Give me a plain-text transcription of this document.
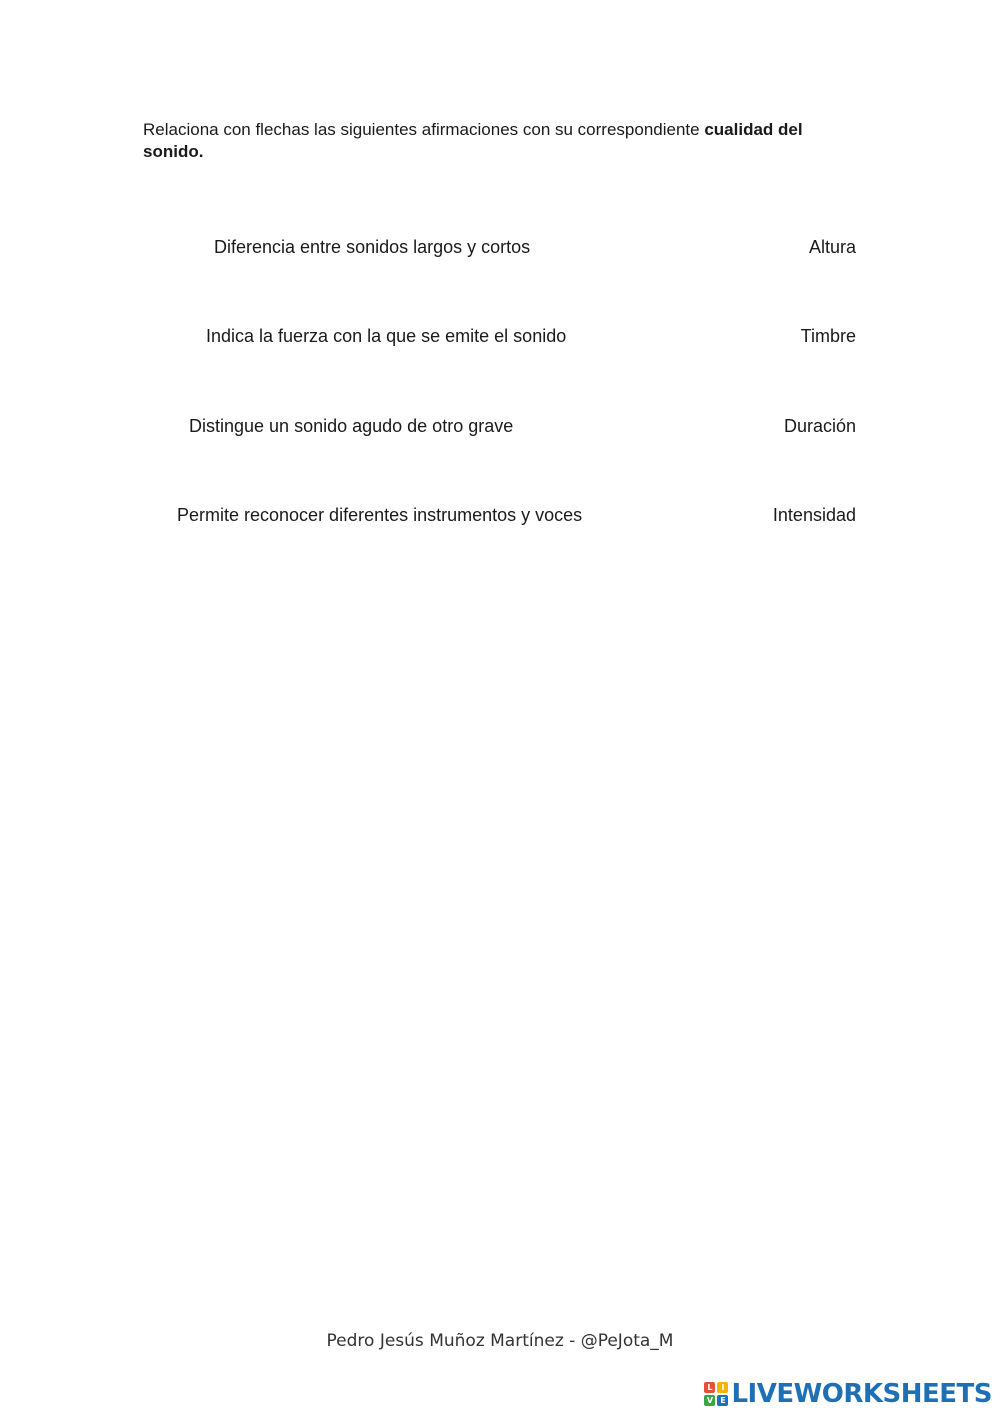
Relaciona con flechas las siguientes afirmaciones con su correspondiente cualidad del sonido.
Diferencia entre sonidos largos y cortos	Altura
Indica la fuerza con la que se emite el sonido	Timbre
Distingue un sonido agudo de otro grave	Duración
Permite reconocer diferentes instrumentos y voces	Intensidad
Pedro Jesús Muñoz Martínez - @PeJota_M
L	I
V E LIVEWORKSHEETS
